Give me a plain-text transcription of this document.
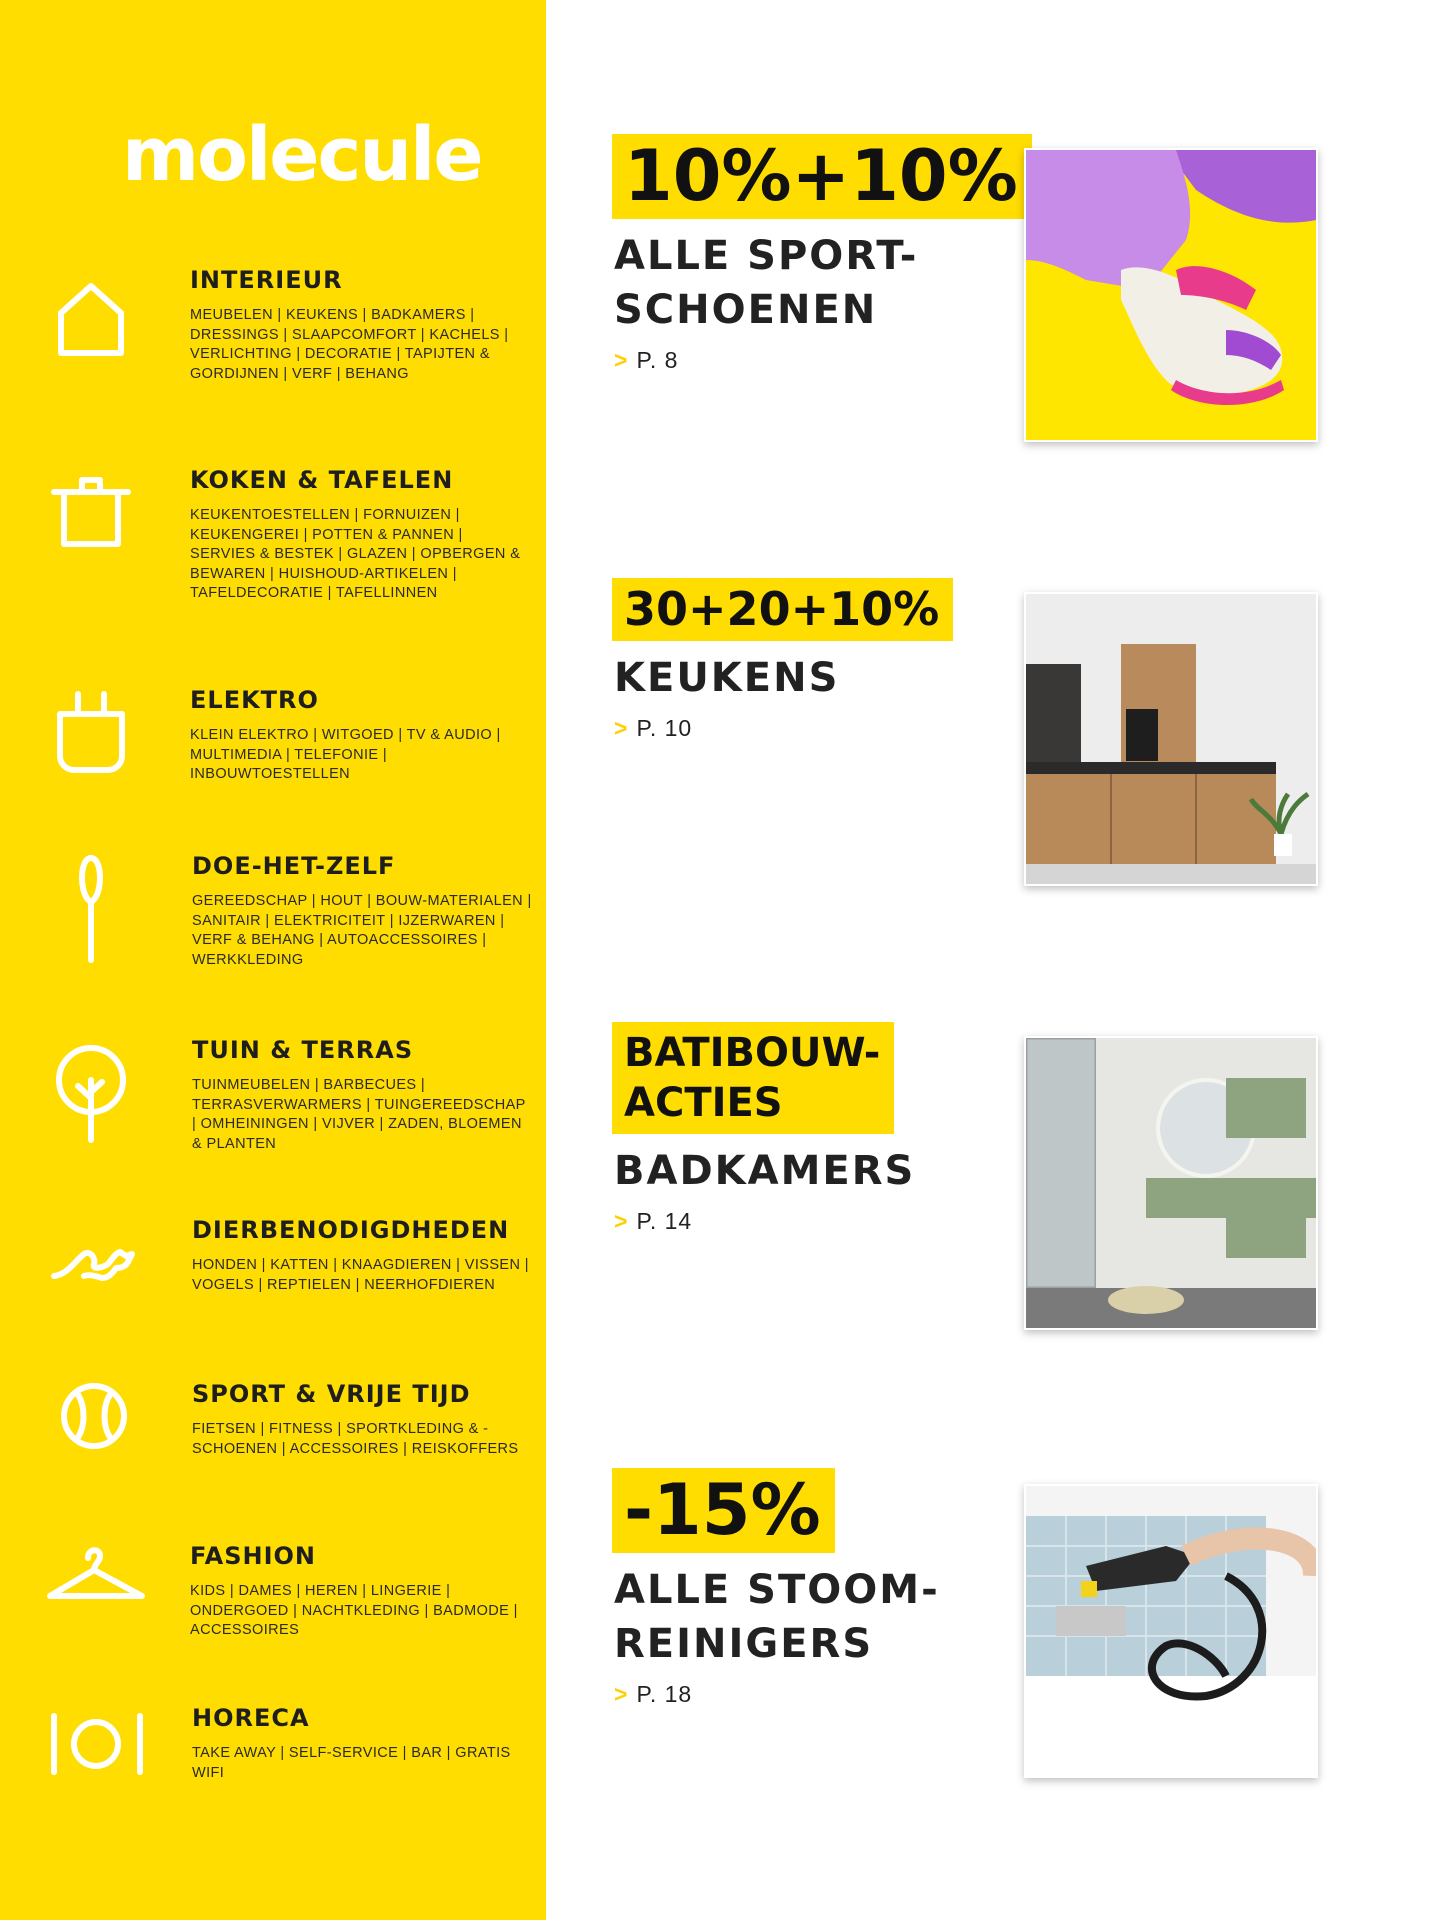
molecule
INTERIEUR
MEUBELEN | KEUKENS | BADKAMERS | DRESSINGS | SLAAPCOMFORT | KACHELS | VERLICHTING | DECORATIE | TAPIJTEN & GORDIJNEN | VERF | BEHANG
KOKEN & TAFELEN
KEUKENTOESTELLEN | FORNUIZEN | KEUKENGEREI | POTTEN & PANNEN | SERVIES & BESTEK | GLAZEN | OPBERGEN & BEWAREN | HUISHOUD-ARTIKELEN | TAFELDECORATIE | TAFELLINNEN
ELEKTRO
KLEIN ELEKTRO | WITGOED | TV & AUDIO | MULTIMEDIA | TELEFONIE | INBOUWTOESTELLEN
DOE-HET-ZELF
GEREEDSCHAP | HOUT | BOUW-MATERIALEN | SANITAIR | ELEKTRICITEIT | IJZERWAREN | VERF & BEHANG | AUTOACCESSOIRES | WERKKLEDING
TUIN & TERRAS
TUINMEUBELEN | BARBECUES | TERRASVERWARMERS | TUINGEREEDSCHAP | OMHEININGEN | VIJVER | ZADEN, BLOEMEN & PLANTEN
DIERBENODIGDHEDEN
HONDEN | KATTEN | KNAAGDIEREN | VISSEN | VOGELS | REPTIELEN | NEERHOFDIEREN
SPORT & VRIJE TIJD
FIETSEN | FITNESS | SPORTKLEDING & -SCHOENEN | ACCESSOIRES | REISKOFFERS
FASHION
KIDS | DAMES | HEREN | LINGERIE | ONDERGOED | NACHTKLEDING | BADMODE | ACCESSOIRES
HORECA
TAKE AWAY | SELF-SERVICE | BAR | GRATIS WIFI
10%+10%
ALLE SPORT-
SCHOENEN
> P. 8
30+20+10%
KEUKENS
> P. 10
BATIBOUW-
ACTIES
BADKAMERS
> P. 14
-15%
ALLE STOOM-
REINIGERS
> P. 18
